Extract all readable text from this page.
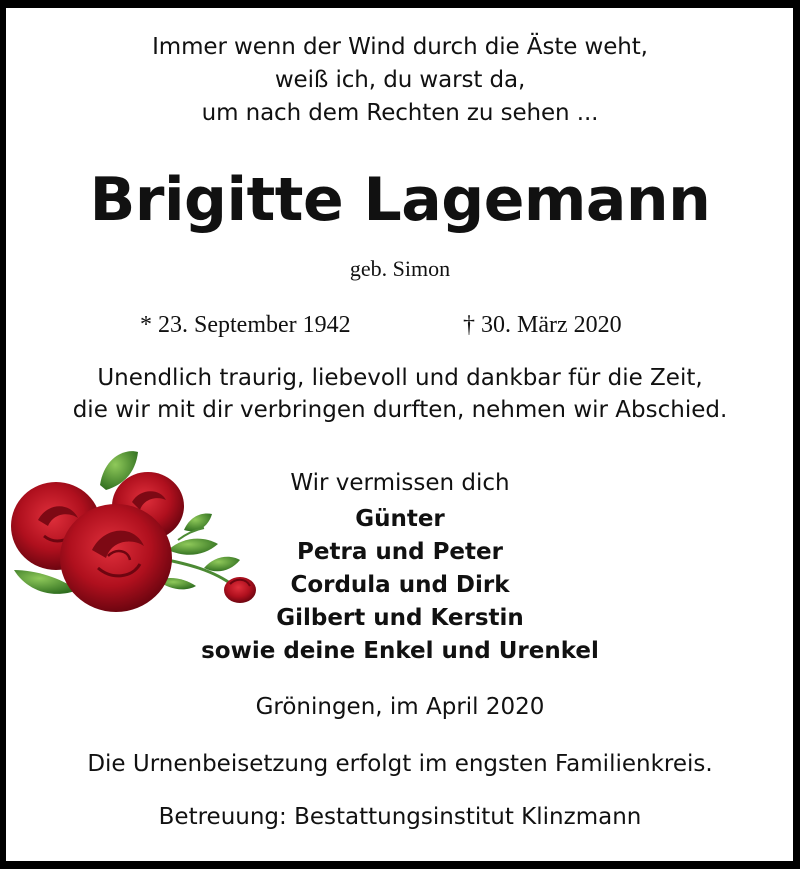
Immer wenn der Wind durch die Äste weht,
weiß ich, du warst da,
um nach dem Rechten zu sehen ...
Brigitte Lagemann
geb. Simon
* 23. September 1942	† 30. März 2020
Unendlich traurig, liebevoll und dankbar für die Zeit,
die wir mit dir verbringen durften, nehmen wir Abschied.
Wir vermissen dich
Günter
Petra und Peter
Cordula und Dirk
Gilbert und Kerstin
sowie deine Enkel und Urenkel
Gröningen, im April 2020
Die Urnenbeisetzung erfolgt im engsten Familienkreis.
Betreuung: Bestattungsinstitut Klinzmann
